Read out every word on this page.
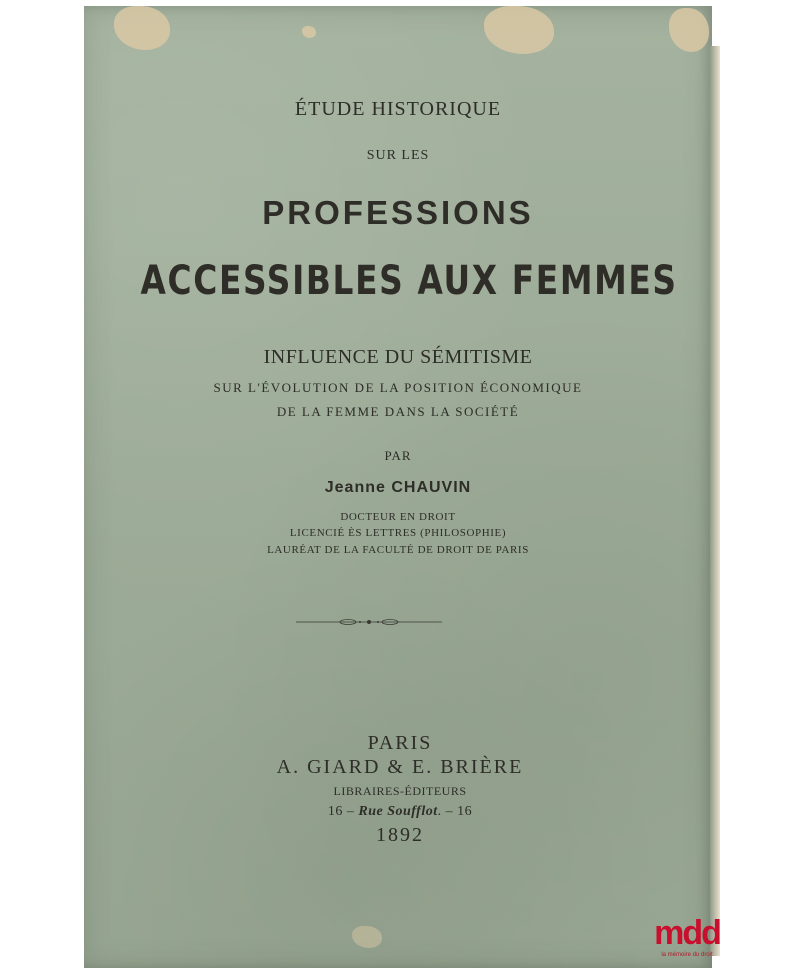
ÉTUDE HISTORIQUE
SUR LES
PROFESSIONS
ACCESSIBLES AUX FEMMES
INFLUENCE DU SÉMITISME
SUR L'ÉVOLUTION DE LA POSITION ÉCONOMIQUE
DE LA FEMME DANS LA SOCIÉTÉ
PAR
Jeanne CHAUVIN
DOCTEUR EN DROIT
LICENCIÉ ÈS LETTRES (PHILOSOPHIE)
LAURÉAT DE LA FACULTÉ DE DROIT DE PARIS
PARIS
A. GIARD & E. BRIÈRE
LIBRAIRES-ÉDITEURS
16 – Rue Soufflot. – 16
1892
mdd
la mémoire du droit
